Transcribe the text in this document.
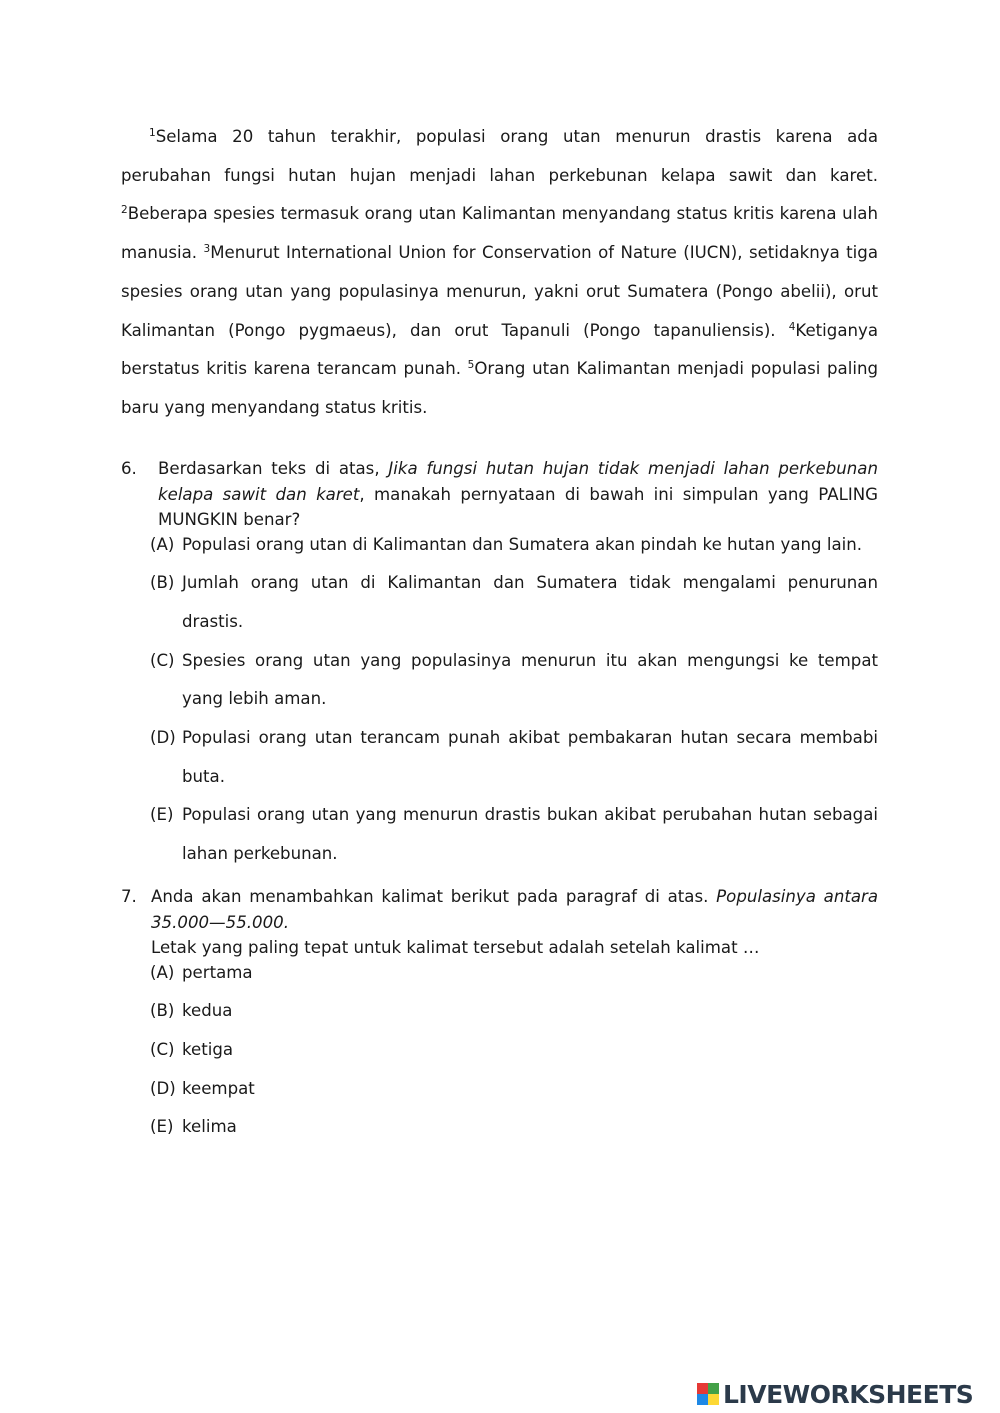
$^1$Selama 20 tahun terakhir, populasi orang utan menurun drastis karena ada perubahan fungsi hutan hujan menjadi lahan perkebunan kelapa sawit dan karet. $^2$Beberapa spesies termasuk orang utan Kalimantan menyandang status kritis karena ulah manusia. $^3$Menurut International Union for Conservation of Nature (IUCN), setidaknya tiga spesies orang utan yang populasinya menurun, yakni orut Sumatera (Pongo abelii), orut Kalimantan (Pongo pygmaeus), dan orut Tapanuli (Pongo tapanuliensis). $^4$Ketiganya berstatus kritis karena terancam punah. $^5$Orang utan Kalimantan menjadi populasi paling baru yang menyandang status kritis.
6. Berdasarkan teks di atas, Jika fungsi hutan hujan tidak menjadi lahan perkebunan kelapa sawit dan karet, manakah pernyataan di bawah ini simpulan yang PALING MUNGKIN benar?
(A) Populasi orang utan di Kalimantan dan Sumatera akan pindah ke hutan yang lain.
(B) Jumlah orang utan di Kalimantan dan Sumatera tidak mengalami penurunan drastis.
(C) Spesies orang utan yang populasinya menurun itu akan mengungsi ke tempat yang lebih aman.
(D) Populasi orang utan terancam punah akibat pembakaran hutan secara membabi buta.
(E) Populasi orang utan yang menurun drastis bukan akibat perubahan hutan sebagai lahan perkebunan.
7. Anda akan menambahkan kalimat berikut pada paragraf di atas. Populasinya antara 35.000—55.000.
Letak yang paling tepat untuk kalimat tersebut adalah setelah kalimat …
(A) pertama
(B) kedua
(C) ketiga
(D) keempat
(E) kelima
LIVEWORKSHEETS
